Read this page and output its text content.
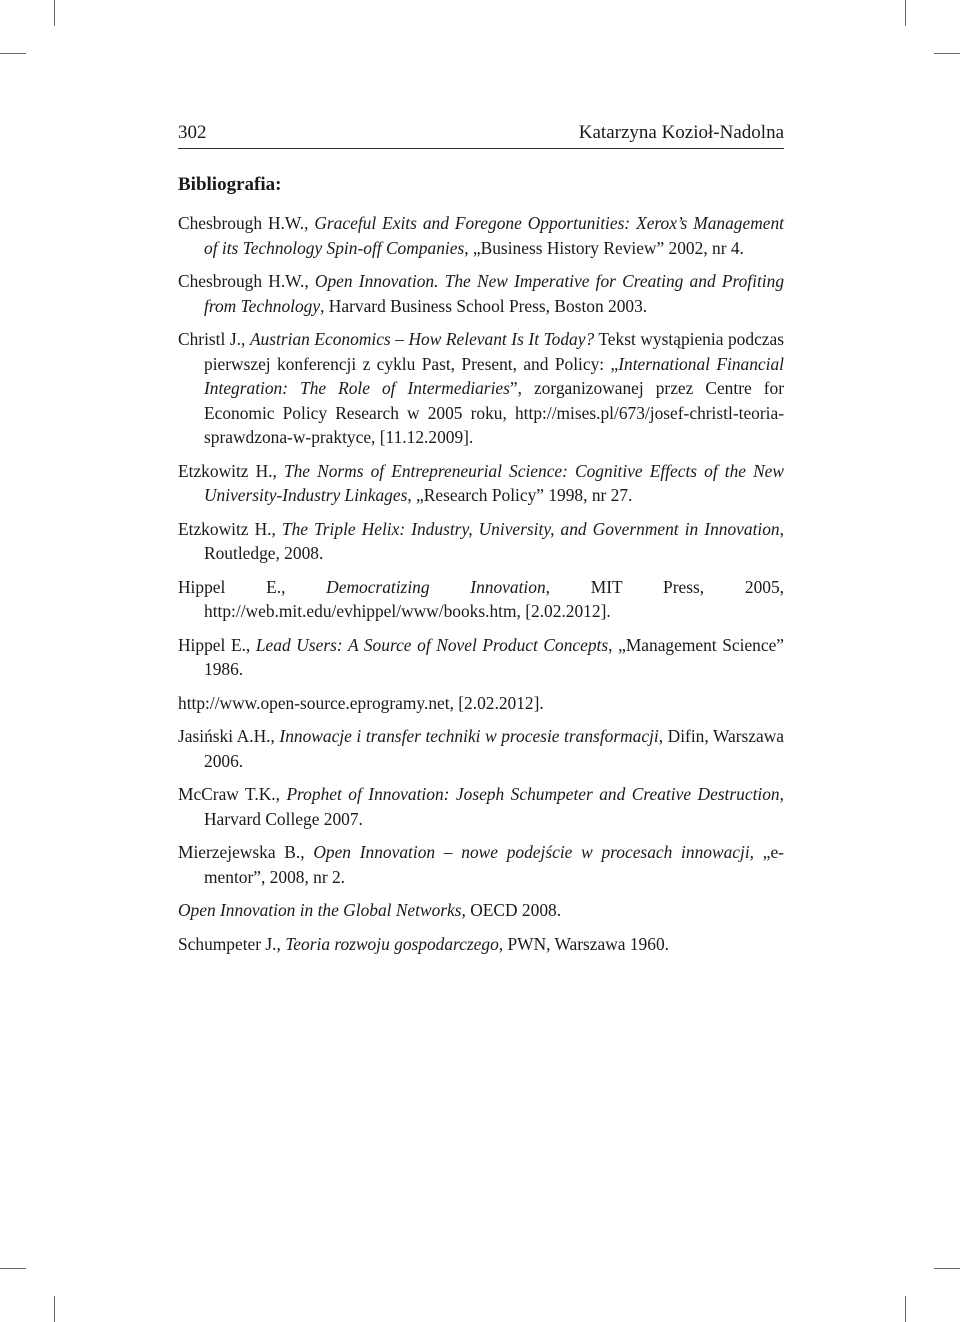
302	Katarzyna Kozioł-Nadolna
Bibliografia:

Chesbrough H.W., Graceful Exits and Foregone Opportunities: Xerox’s Management of its Technology Spin-off Companies, „Business History Review” 2002, nr 4.

Chesbrough H.W., Open Innovation. The New Imperative for Creating and Profiting from Technology, Harvard Business School Press, Boston 2003.

Christl J., Austrian Economics – How Relevant Is It Today? Tekst wystąpienia podczas pierwszej konferencji z cyklu Past, Present, and Policy: „International Financial Integration: The Role of Intermediaries”, zorganizowanej przez Centre for Economic Policy Research w 2005 roku, http://mises.pl/673/josef-christl-teoria-sprawdzona-w-praktyce, [11.12.2009].

Etzkowitz H., The Norms of Entrepreneurial Science: Cognitive Effects of the New University-Industry Linkages, „Research Policy” 1998, nr 27.

Etzkowitz H., The Triple Helix: Industry, University, and Government in Innovation, Routledge, 2008.

Hippel E., Democratizing Innovation, MIT Press, 2005, http://web.mit.edu/evhippel/www/books.htm, [2.02.2012].

Hippel E., Lead Users: A Source of Novel Product Concepts, „Management Science” 1986.

http://www.open-source.eprogramy.net, [2.02.2012].

Jasiński A.H., Innowacje i transfer techniki w procesie transformacji, Difin, Warszawa 2006.

McCraw T.K., Prophet of Innovation: Joseph Schumpeter and Creative Destruction, Harvard College 2007.

Mierzejewska B., Open Innovation – nowe podejście w procesach innowacji, „e-mentor”, 2008, nr 2.

Open Innovation in the Global Networks, OECD 2008.

Schumpeter J., Teoria rozwoju gospodarczego, PWN, Warszawa 1960.
